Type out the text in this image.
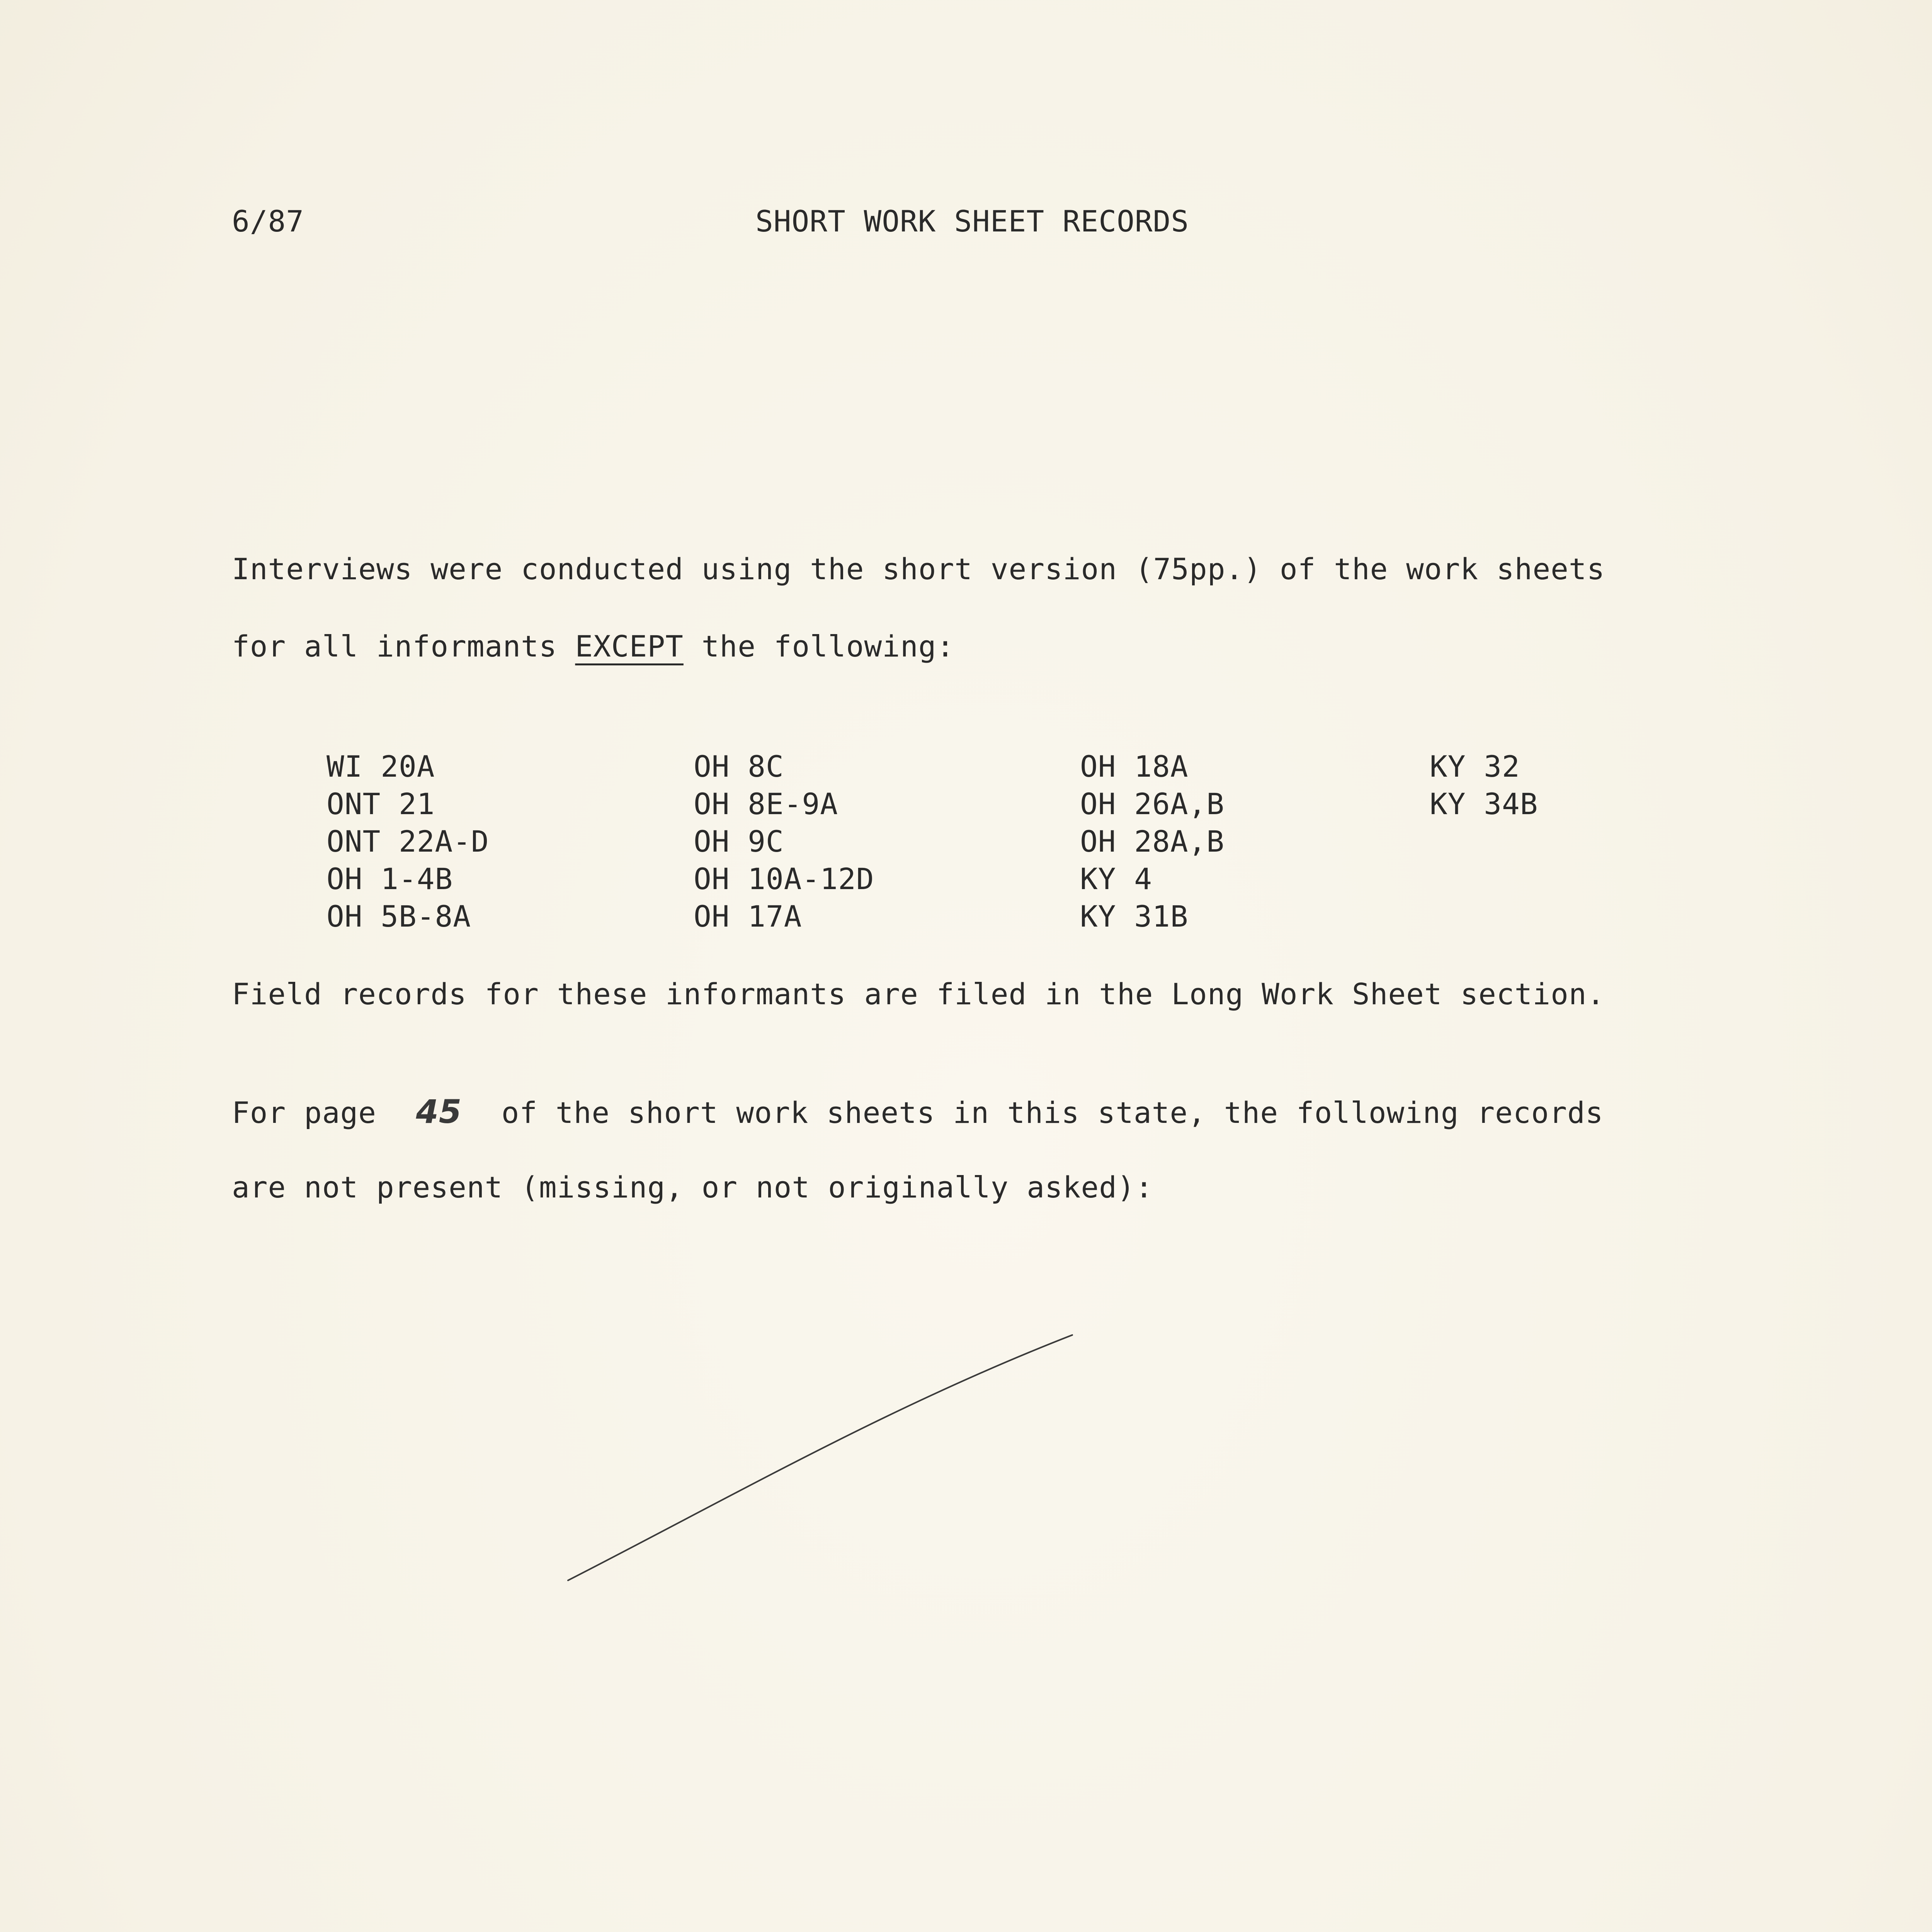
6/87	SHORT WORK SHEET RECORDS
Interviews were conducted using the short version (75pp.) of the work sheets
for all informants EXCEPT the following:
WI 20A
ONT 21
ONT 22A-D
OH 1-4B
OH 5B-8A
OH 8C
OH 8E-9A
OH 9C
OH 10A-12D
OH 17A
OH 18A
OH 26A,B
OH 28A,B
KY 4
KY 31B
KY 32
KY 34B
Field records for these informants are filed in the Long Work Sheet section.
For page 45 of the short work sheets in this state, the following records
are not present (missing, or not originally asked):
